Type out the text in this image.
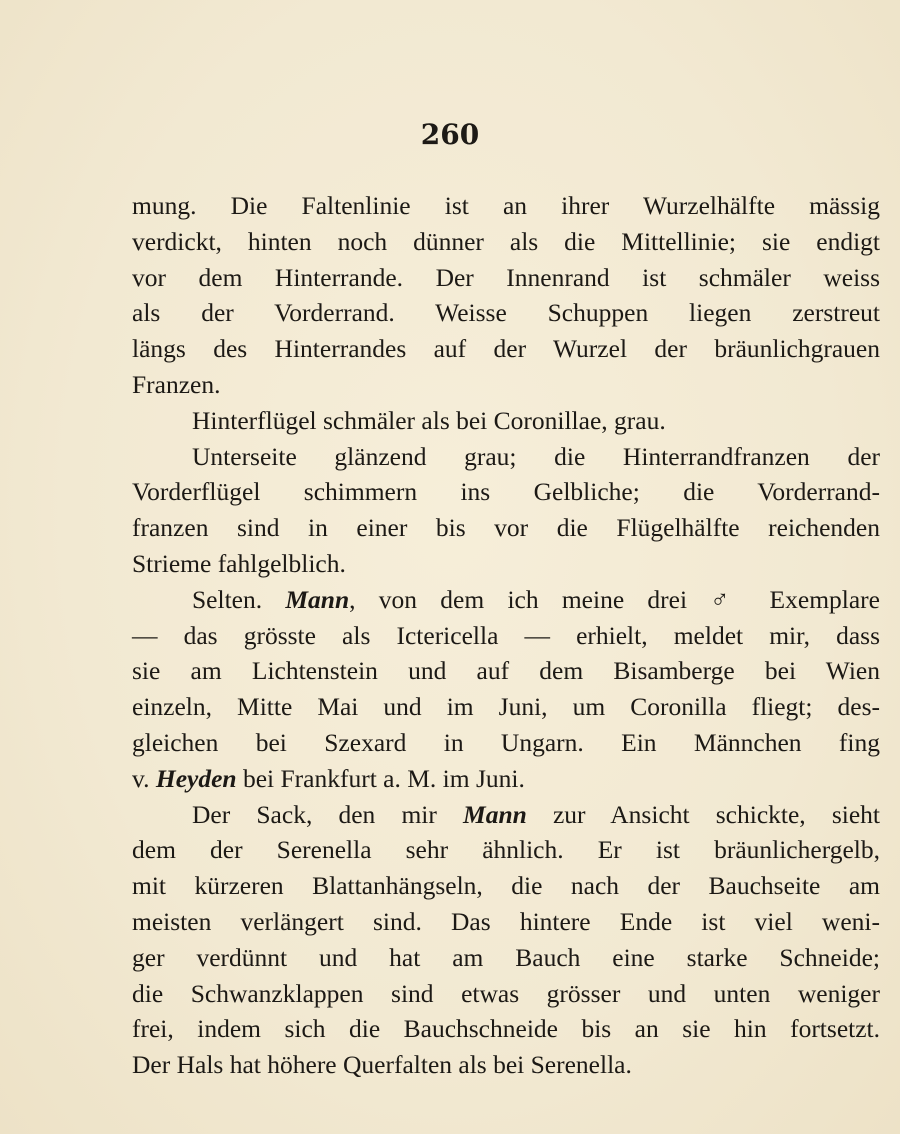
260
mung. Die Faltenlinie ist an ihrer Wurzelhälfte mässig
verdickt, hinten noch dünner als die Mittellinie; sie endigt
vor dem Hinterrande. Der Innenrand ist schmäler weiss
als der Vorderrand. Weisse Schuppen liegen zerstreut
längs des Hinterrandes auf der Wurzel der bräunlichgrauen
Franzen.
Hinterflügel schmäler als bei Coronillae, grau.
Unterseite glänzend grau; die Hinterrandfranzen der
Vorderflügel schimmern ins Gelbliche; die Vorderrand-
franzen sind in einer bis vor die Flügelhälfte reichenden
Strieme fahlgelblich.
Selten. Mann, von dem ich meine drei ♂ Exemplare
— das grösste als Ictericella — erhielt, meldet mir, dass
sie am Lichtenstein und auf dem Bisamberge bei Wien
einzeln, Mitte Mai und im Juni, um Coronilla fliegt; des-
gleichen bei Szexard in Ungarn. Ein Männchen fing
v. Heyden bei Frankfurt a. M. im Juni.
Der Sack, den mir Mann zur Ansicht schickte, sieht
dem der Serenella sehr ähnlich. Er ist bräunlichergelb,
mit kürzeren Blattanhängseln, die nach der Bauchseite am
meisten verlängert sind. Das hintere Ende ist viel weni-
ger verdünnt und hat am Bauch eine starke Schneide;
die Schwanzklappen sind etwas grösser und unten weniger
frei, indem sich die Bauchschneide bis an sie hin fortsetzt.
Der Hals hat höhere Querfalten als bei Serenella.
